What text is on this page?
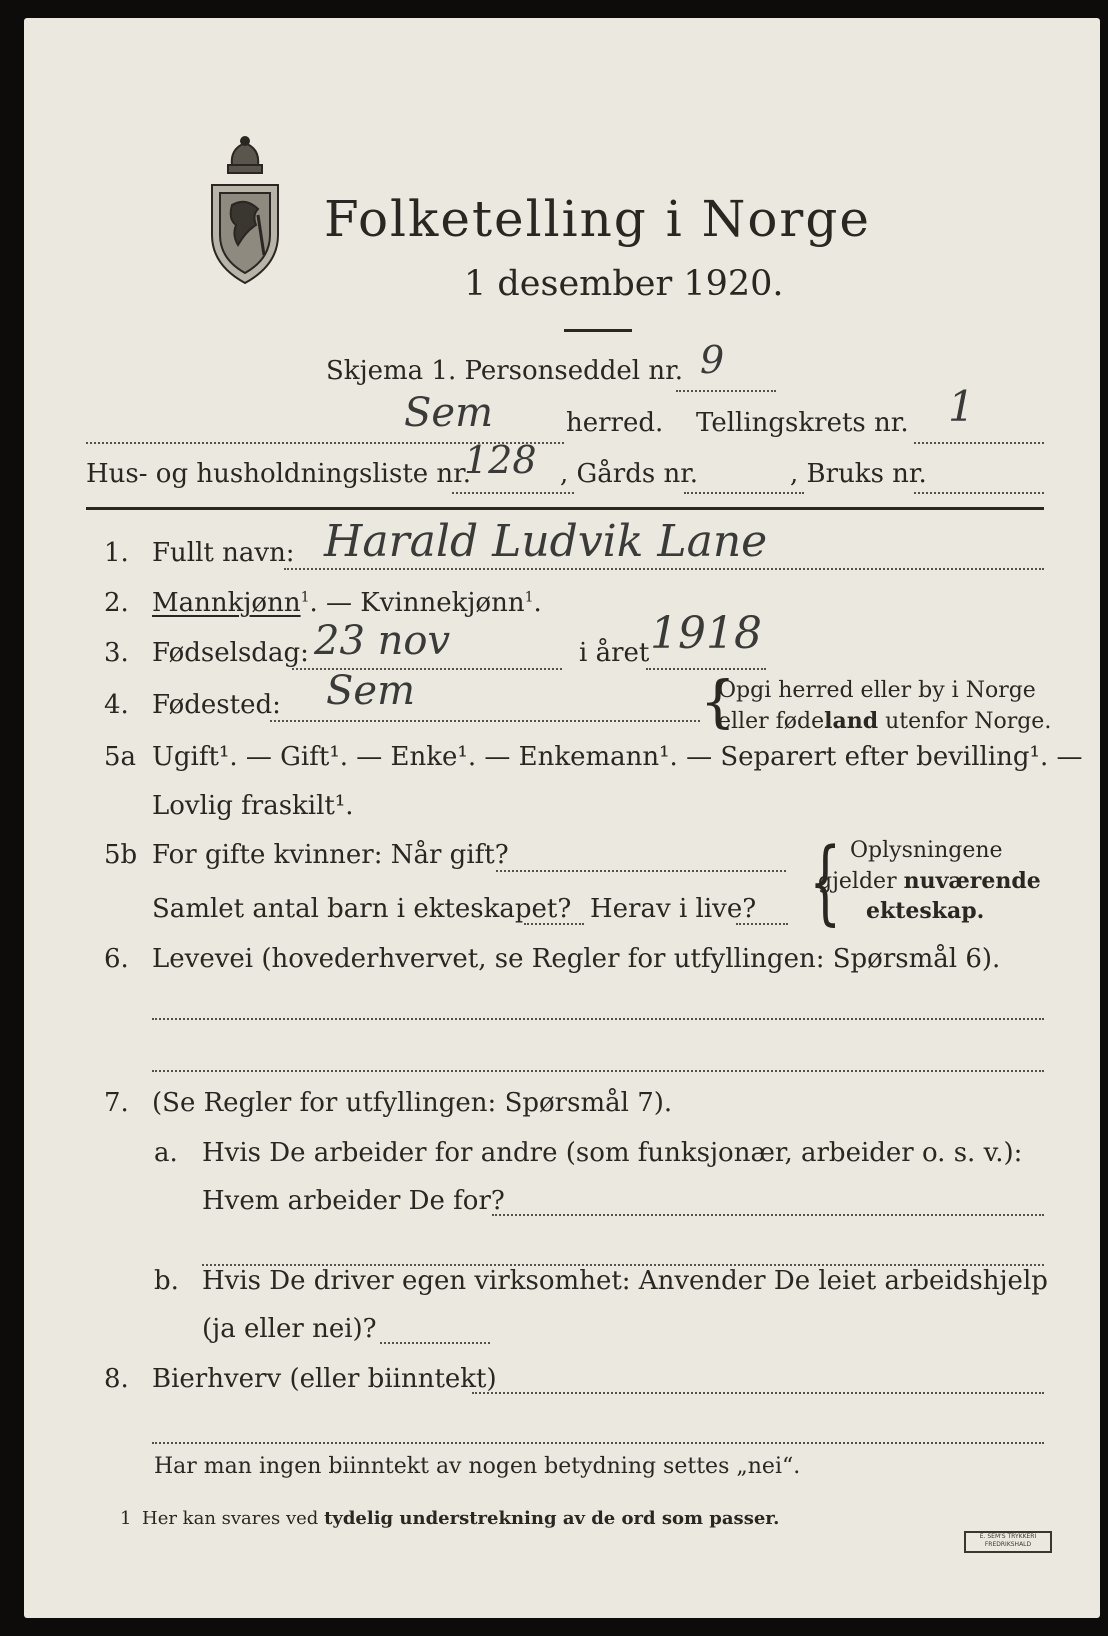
Folketelling i Norge
1 desember 1920.
Skjema 1. Personseddel nr. 9
Sem	herred. Tellingskrets nr. 1
Hus- og husholdningsliste nr.
128 , Gårds nr.	, Bruks nr.
1. Fullt navn: Harald Ludvik Lane
2. Mannkjønn$^1$. — Kvinnekjønn$^1$.
3. Fødselsdag: 23 nov	i året 1918
4. Fødested: Sem	{
Opgi herred eller by i Norge
eller fødeland utenfor Norge.
5a Ugift¹. — Gift¹. — Enke¹. — Enkemann¹. — Separert efter bevilling¹. —
Lovlig fraskilt¹.
5b For gifte kvinner: Når gift?
Samlet antal barn i ekteskapet? Herav i live? { Oplysningene
gjelder nuværende
ekteskap.
6. Levevei (hovederhvervet, se Regler for utfyllingen: Spørsmål 6).
7. (Se Regler for utfyllingen: Spørsmål 7).
a. Hvis De arbeider for andre (som funksjonær, arbeider o. s. v.):
Hvem arbeider De for?
b. Hvis De driver egen virksomhet: Anvender De leiet arbeidshjelp
(ja eller nei)?
8. Bierhverv (eller biinntekt)
Har man ingen biinntekt av nogen betydning settes „nei“.
1 Her kan svares ved tydelig understrekning av de ord som passer.
E. SEM'S TRYKKERI
FREDRIKSHALD
